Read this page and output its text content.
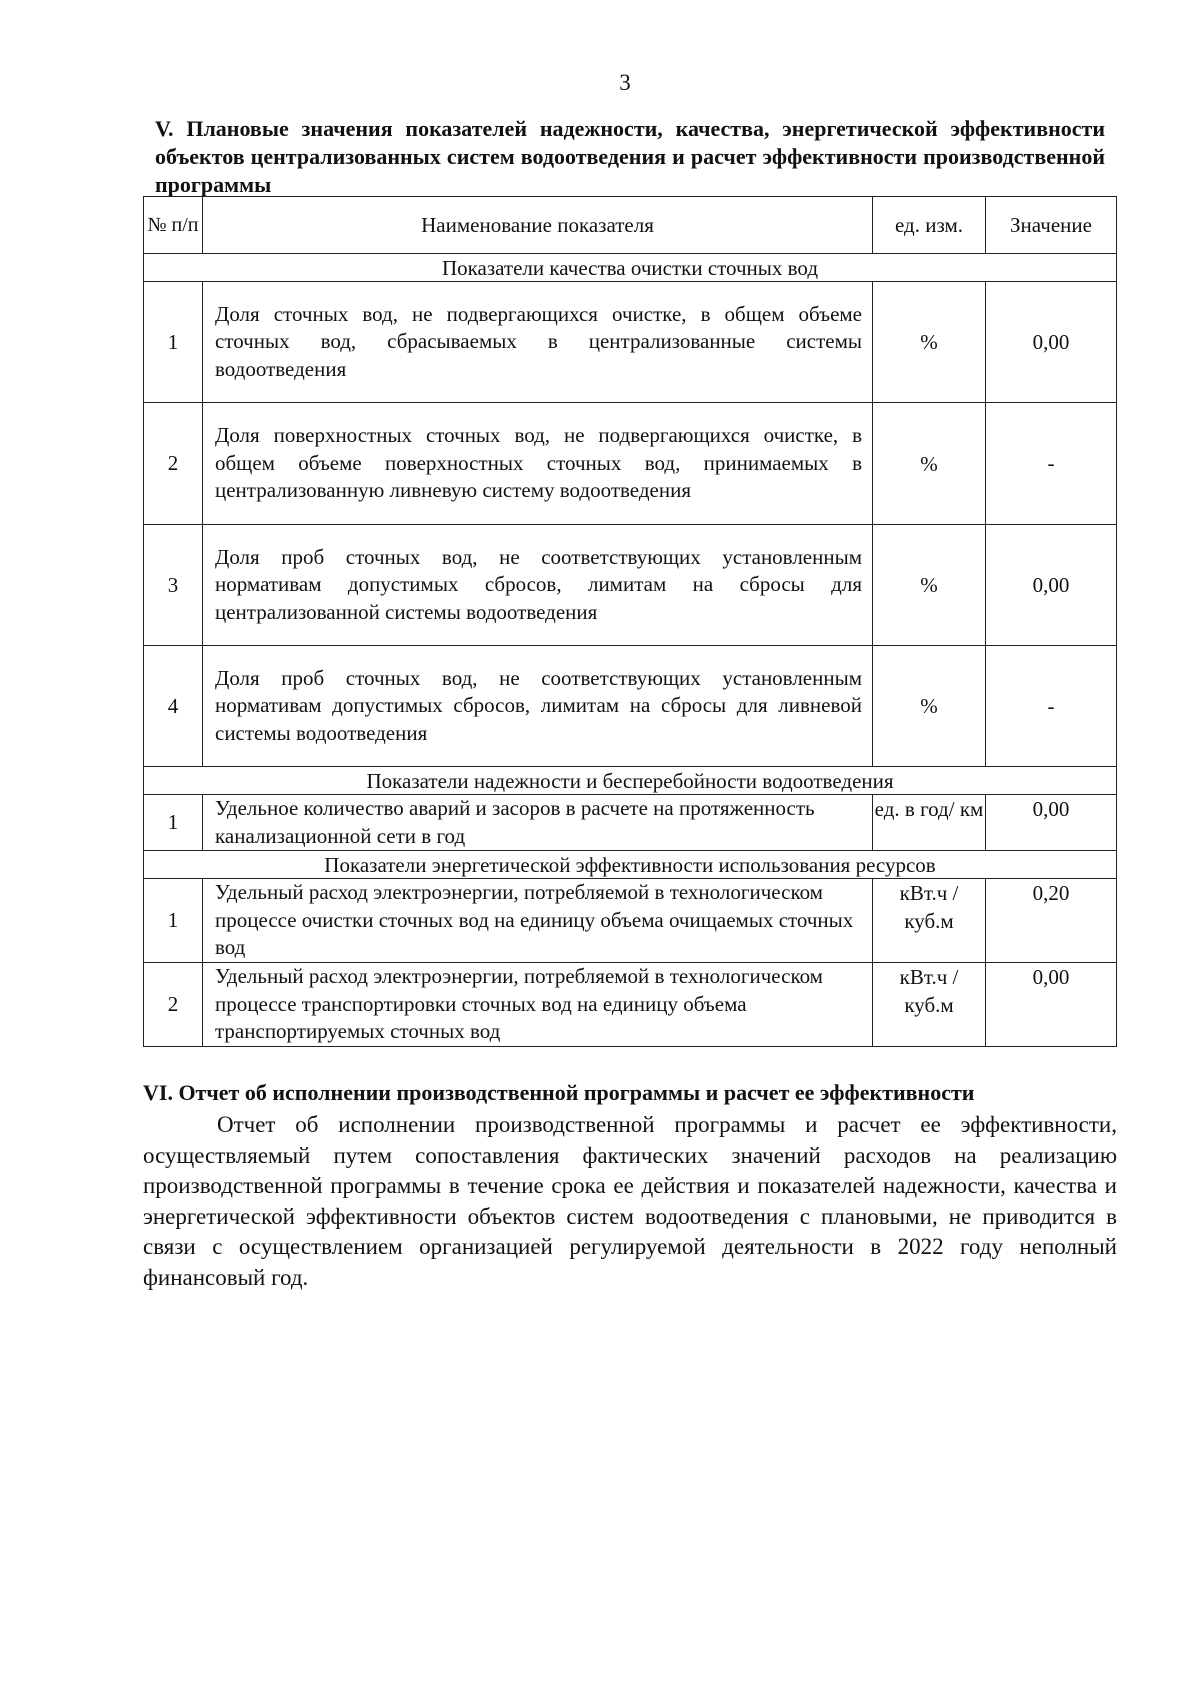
3
V. Плановые значения показателей надежности, качества, энергетической эффективности объектов централизованных систем водоотведения и расчет эффективности производственной программы
№ п/п	Наименование показателя	ед. изм.	Значение
Показатели качества очистки сточных вод			
1	Доля сточных вод, не подвергающихся очистке, в общем объеме сточных вод, сбрасываемых в централизованные системы водоотведения	%	0,00
2	Доля поверхностных сточных вод, не подвергающихся очистке, в общем объеме поверхностных сточных вод, принимаемых в централизованную ливневую систему водоотведения	%	-
3	Доля проб сточных вод, не соответствующих установленным нормативам допустимых сбросов, лимитам на сбросы для централизованной системы водоотведения	%	0,00
4	Доля проб сточных вод, не соответствующих установленным нормативам допустимых сбросов, лимитам на сбросы для ливневой системы водоотведения	%	-
Показатели надежности и бесперебойности водоотведения			
1	Удельное количество аварий и засоров в расчете на протяженность канализационной сети в год	ед. в год/ км	0,00
Показатели энергетической эффективности использования ресурсов			
1	Удельный расход электроэнергии, потребляемой в технологическом процессе очистки сточных вод на единицу объема очищаемых сточных вод	кВт.ч / куб.м	0,20
2	Удельный расход электроэнергии, потребляемой в технологическом процессе транспортировки сточных вод на единицу объема транспортируемых сточных вод	кВт.ч / куб.м	0,00
VI. Отчет об исполнении производственной программы и расчет ее эффективности
Отчет об исполнении производственной программы и расчет ее эффективности, осуществляемый путем сопоставления фактических значений расходов на реализацию производственной программы в течение срока ее действия и показателей надежности, качества и энергетической эффективности объектов систем водоотведения с плановыми, не приводится в связи с осуществлением организацией регулируемой деятельности в 2022 году неполный финансовый год.
